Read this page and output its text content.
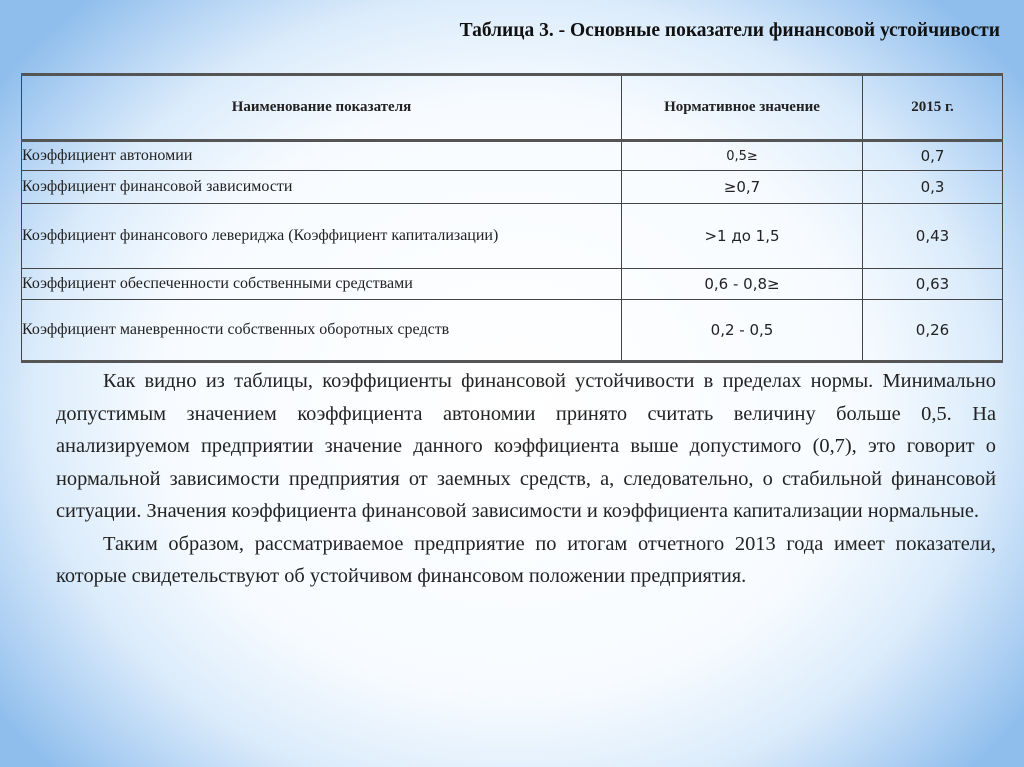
Таблица 3. - Основные показатели финансовой устойчивости
Наименование показателя	Нормативное значение	2015 г.
Коэффициент автономии	0,5≥	0,7
Коэффициент финансовой зависимости	≥0,7	0,3
Коэффициент финансового левериджа (Коэффициент капитализации)	>1 до 1,5	0,43
Коэффициент обеспеченности собственными средствами	0,6 - 0,8≥	0,63
Коэффициент маневренности собственных оборотных средств	0,2 - 0,5	0,26

Как видно из таблицы, коэффициенты финансовой устойчивости в пределах нормы. Минимально допустимым значением коэффициента автономии принято считать величину больше 0,5. На анализируемом предприятии значение данного коэффициента выше допустимого (0,7), это говорит о нормальной зависимости предприятия от заемных средств, а, следовательно, о стабильной финансовой ситуации. Значения коэффициента финансовой зависимости и коэффициента капитализации нормальные.

Таким образом, рассматриваемое предприятие по итогам отчетного 2013 года имеет показатели, которые свидетельствуют об устойчивом финансовом положении предприятия.
